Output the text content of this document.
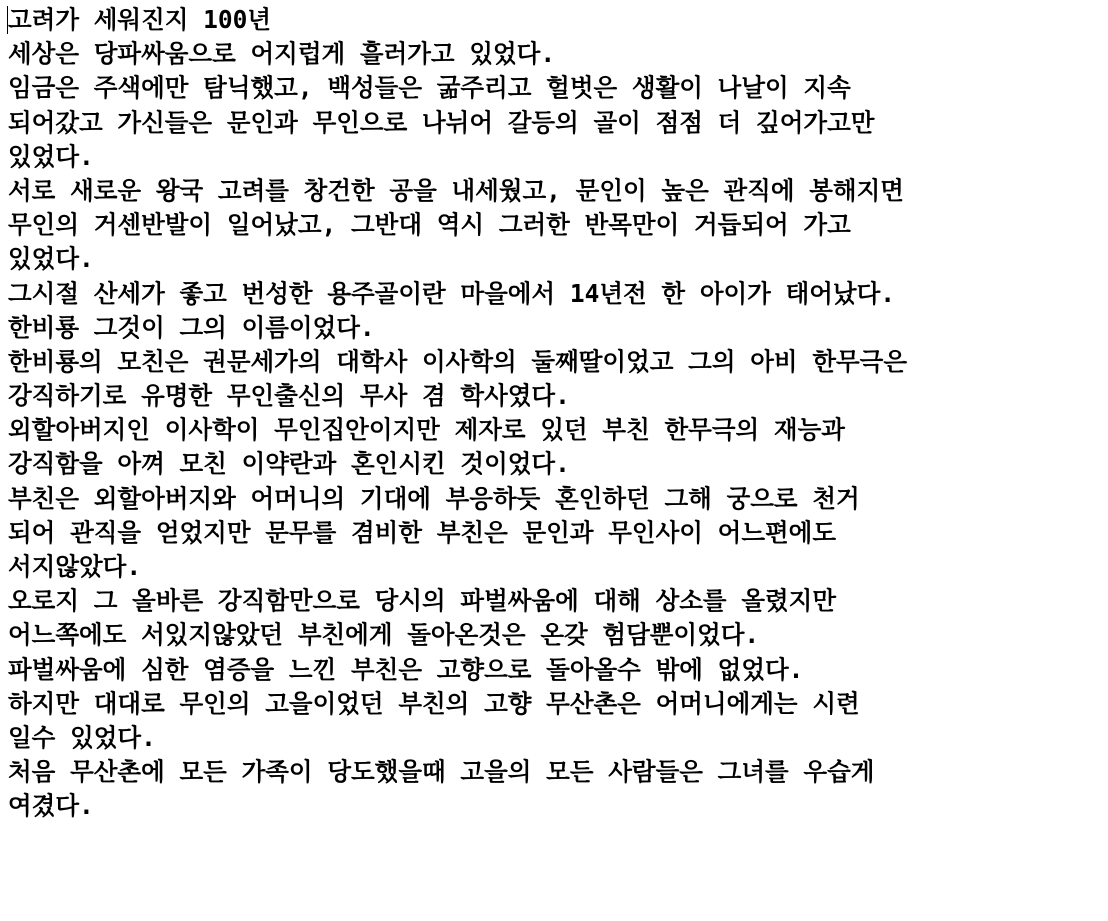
고려가 세워진지 100년
세상은 당파싸움으로 어지럽게 흘러가고 있었다.
임금은 주색에만 탐닉했고, 백성들은 굶주리고 헐벗은 생활이 나날이 지속
되어갔고 가신들은 문인과 무인으로 나뉘어 갈등의 골이 점점 더 깊어가고만
있었다.
서로 새로운 왕국 고려를 창건한 공을 내세웠고, 문인이 높은 관직에 봉해지면
무인의 거센반발이 일어났고, 그반대 역시 그러한 반목만이 거듭되어 가고
있었다.
그시절 산세가 좋고 번성한 용주골이란 마을에서 14년전 한 아이가 태어났다.
한비룡 그것이 그의 이름이었다.
한비룡의 모친은 권문세가의 대학사 이사학의 둘째딸이었고 그의 아비 한무극은
강직하기로 유명한 무인출신의 무사 겸 학사였다.
외할아버지인 이사학이 무인집안이지만 제자로 있던 부친 한무극의 재능과
강직함을 아껴 모친 이약란과 혼인시킨 것이었다.
부친은 외할아버지와 어머니의 기대에 부응하듯 혼인하던 그해 궁으로 천거
되어 관직을 얻었지만 문무를 겸비한 부친은 문인과 무인사이 어느편에도
서지않았다.
오로지 그 올바른 강직함만으로 당시의 파벌싸움에 대해 상소를 올렸지만
어느쪽에도 서있지않았던 부친에게 돌아온것은 온갖 험담뿐이었다.
파벌싸움에 심한 염증을 느낀 부친은 고향으로 돌아올수 밖에 없었다.
하지만 대대로 무인의 고을이었던 부친의 고향 무산촌은 어머니에게는 시련
일수 있었다.
처음 무산촌에 모든 가족이 당도했을때 고을의 모든 사람들은 그녀를 우습게
여겼다.
